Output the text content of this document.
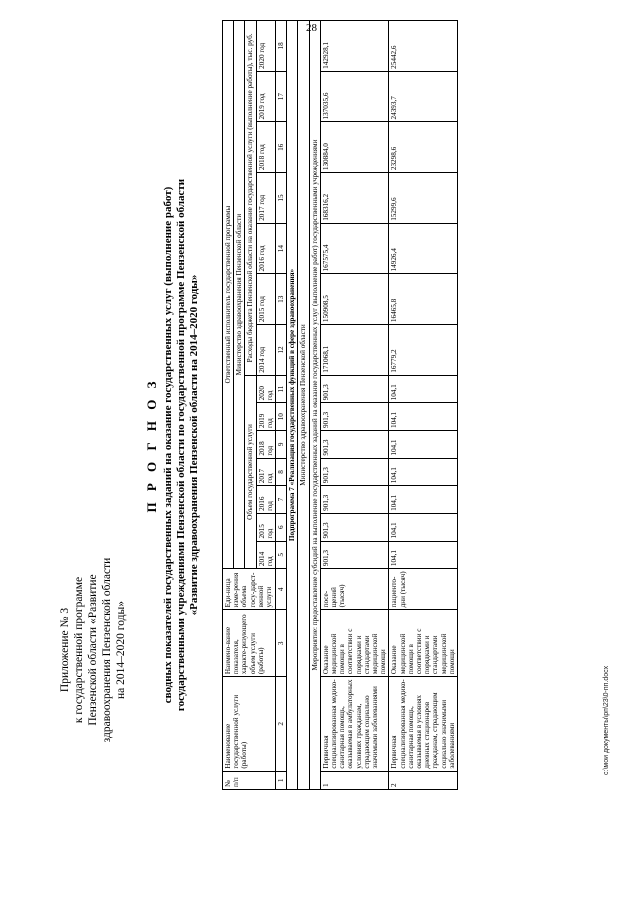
28
Приложение № 3 к государственной программе Пензенской области «Развитие здравоохранения Пензенской области на 2014–2020 годы»
П Р О Г Н О З сводных показателей государственных заданий на оказание государственных услуг (выполнение работ) государственными учреждениями Пензенской области по государственной программе Пензенской области «Развитие здравоохранения Пензенской области на 2014–2020 годы»
№ п/п	Наименование государственной услуги (работы)	Наимено-вание показателя, характе-ризующего объем услуги (работы)	Еди-ница изме-рения объема госу-дарст-венной услуги	Ответственный исполнитель государственной программы													
				Министерство здравоохранения Пензенской области													
				Объем государственной услуги							Расходы бюджета Пензенской области на оказание государственной услуги (выполнение работы), тыс. руб.						
				2014 год	2015 год	2016 год	2017 год	2018 год	2019 год	2020 год	2014 год	2015 год	2016 год	2017 год	2018 год	2019 год	2020 год
1	2	3	4	5	6	7	8	9	10	11	12	13	14	15	16	17	18
Подпрограмма 7 «Реализация государственных функций в сфере здравоохранения»																	
Министерство здравоохранения Пензенской области																	
Мероприятие: предоставление субсидий на выполнение государственных заданий на оказание государственных услуг (выполнение работ) государственными учреждениями																	
1	Первичная специализированная медико-санитарная помощь, оказываемая в амбулаторных условиях гражданам, страдающим социально значимыми заболеваниями	Оказание медицинской помощи в соответствии с порядками и стандартами медицинской помощи	посе-щений (тысяч)	901,3	901,3	901,3	901,3	901,3	901,3	901,3	171068,1	150908,5	167575,4	168316,2	130884,0	137035,6	142928,1
2	Первичная специализированная медико-санитарная помощь, оказываемая в условиях дневных стационаров гражданам, страдающим социально значимыми заболеваниями	Оказание медицинской помощи в соответствии с порядками и стандартами медицинской помощи	пациенто-дни (тысяч)	104,1	104,1	104,1	104,1	104,1	104,1	104,1	16779,2	16465,8	14926,4	15299,6	23298,6	24393,7	25442,6
c:\мои документы\рп\23\0-пп.docx
